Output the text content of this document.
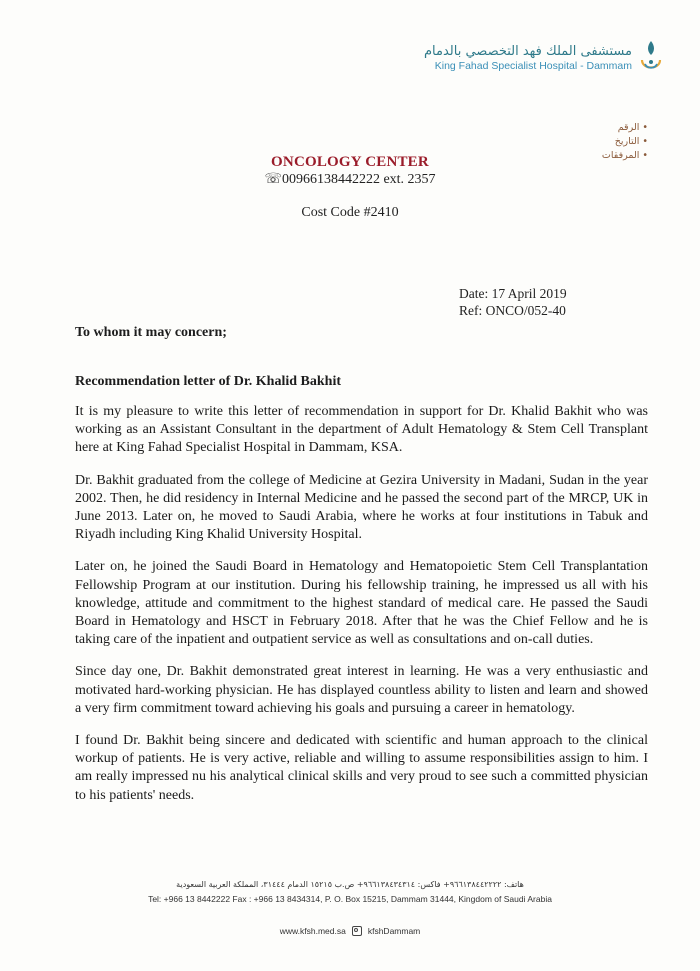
مستشفى الملك فهد التخصصي بالدمام
King Fahad Specialist Hospital - Dammam
• الرقم
• التاريخ
• المرفقات
ONCOLOGY CENTER
☏00966138442222 ext. 2357
Cost Code #2410
Date: 17 April 2019
Ref: ONCO/052-40
To whom it may concern;
Recommendation letter of Dr. Khalid Bakhit

It is my pleasure to write this letter of recommendation in support for Dr. Khalid Bakhit who was working as an Assistant Consultant in the department of Adult Hematology & Stem Cell Transplant here at King Fahad Specialist Hospital in Dammam, KSA.

Dr. Bakhit graduated from the college of Medicine at Gezira University in Madani, Sudan in the year 2002. Then, he did residency in Internal Medicine and he passed the second part of the MRCP, UK in June 2013. Later on, he moved to Saudi Arabia, where he works at four institutions in Tabuk and Riyadh including King Khalid University Hospital.

Later on, he joined the Saudi Board in Hematology and Hematopoietic Stem Cell Transplantation Fellowship Program at our institution. During his fellowship training, he impressed us all with his knowledge, attitude and commitment to the highest standard of medical care. He passed the Saudi Board in Hematology and HSCT in February 2018. After that he was the Chief Fellow and he is taking care of the inpatient and outpatient service as well as consultations and on-call duties.

Since day one, Dr. Bakhit demonstrated great interest in learning. He was a very enthusiastic and motivated hard-working physician. He has displayed countless ability to listen and learn and showed a very firm commitment toward achieving his goals and pursuing a career in hematology.

I found Dr. Bakhit being sincere and dedicated with scientific and human approach to the clinical workup of patients. He is very active, reliable and willing to assume responsibilities assign to him. I am really impressed nu his analytical clinical skills and very proud to see such a committed physician to his patients' needs.

هاتف: ٩٦٦١٣٨٤٤٢٢٢٢+ فاكس: ٩٦٦١٣٨٤٣٤٣١٤+ ص.ب ١٥٢١٥ الدمام ٣١٤٤٤، المملكة العربية السعودية
Tel: +966 13 8442222 Fax : +966 13 8434314, P. O. Box 15215, Dammam 31444, Kingdom of Saudi Arabia
www.kfsh.med.sa	kfshDammam
